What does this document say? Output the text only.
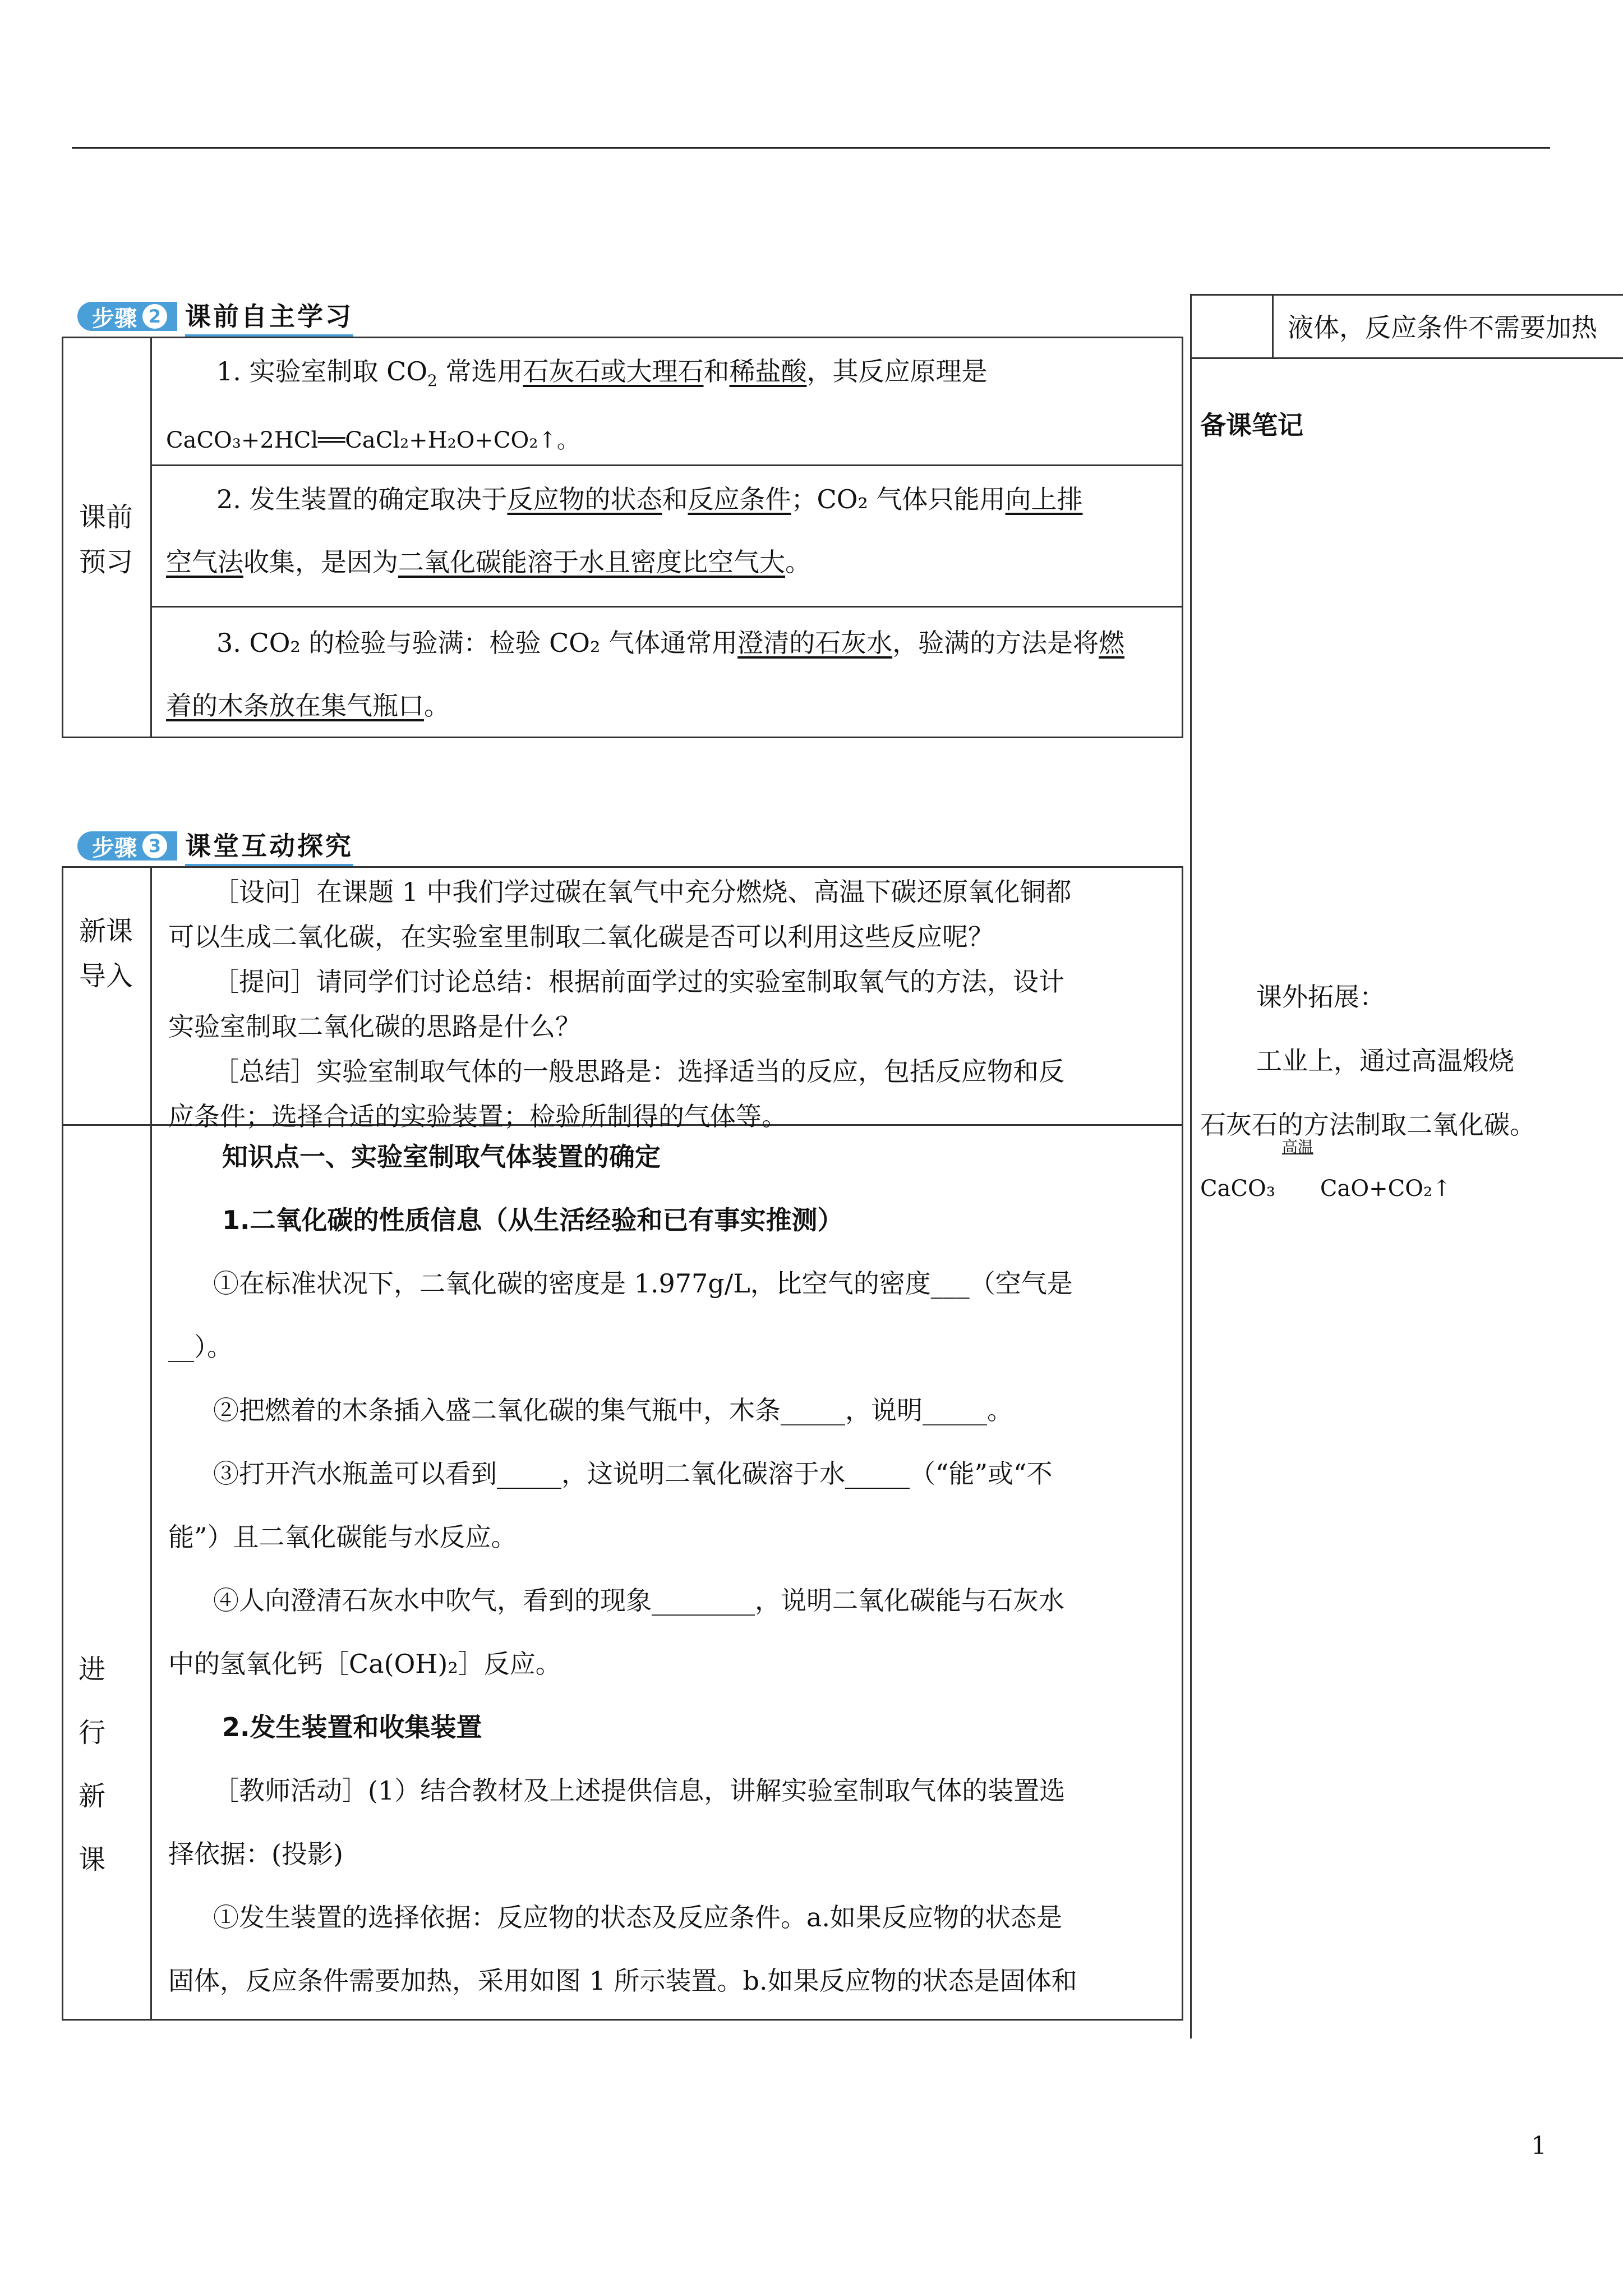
步骤 2 课前自主学习
课前
预习
1. 实验室制取 $CO_2$ 常选用石灰石或大理石和稀盐酸，其反应原理是
CaCO₃+2HCl══CaCl₂+H₂O+CO₂↑。
2. 发生装置的确定取决于反应物的状态和反应条件；CO₂ 气体只能用向上排
空气法收集，是因为二氧化碳能溶于水且密度比空气大。
3. CO₂ 的检验与验满：检验 CO₂ 气体通常用澄清的石灰水，验满的方法是将燃
着的木条放在集气瓶口。
步骤 3 课堂互动探究
新课
导入
［设问］在课题 1 中我们学过碳在氧气中充分燃烧、高温下碳还原氧化铜都
可以生成二氧化碳，在实验室里制取二氧化碳是否可以利用这些反应呢？
［提问］请同学们讨论总结：根据前面学过的实验室制取氧气的方法，设计
实验室制取二氧化碳的思路是什么？
［总结］实验室制取气体的一般思路是：选择适当的反应，包括反应物和反
应条件；选择合适的实验装置；检验所制得的气体等。
进
行
新
课
知识点一、实验室制取气体装置的确定
1.二氧化碳的性质信息（从生活经验和已有事实推测）
①在标准状况下，二氧化碳的密度是 1.977g/L，比空气的密度___（空气是
__）。
②把燃着的木条插入盛二氧化碳的集气瓶中，木条_____，说明_____。
③打开汽水瓶盖可以看到_____，这说明二氧化碳溶于水_____（“能”或“不
能”）且二氧化碳能与水反应。
④人向澄清石灰水中吹气，看到的现象________，说明二氧化碳能与石灰水
中的氢氧化钙［Ca(OH)₂］反应。
2.发生装置和收集装置
［教师活动］(1）结合教材及上述提供信息，讲解实验室制取气体的装置选
择依据：(投影)
①发生装置的选择依据：反应物的状态及反应条件。a.如果反应物的状态是
固体，反应条件需要加热，采用如图 1 所示装置。b.如果反应物的状态是固体和
液体，反应条件不需要加热
备课笔记
课外拓展：
工业上，通过高温煅烧
石灰石的方法制取二氧化碳。
CaCO₃
高温
CaO+CO₂↑
1
